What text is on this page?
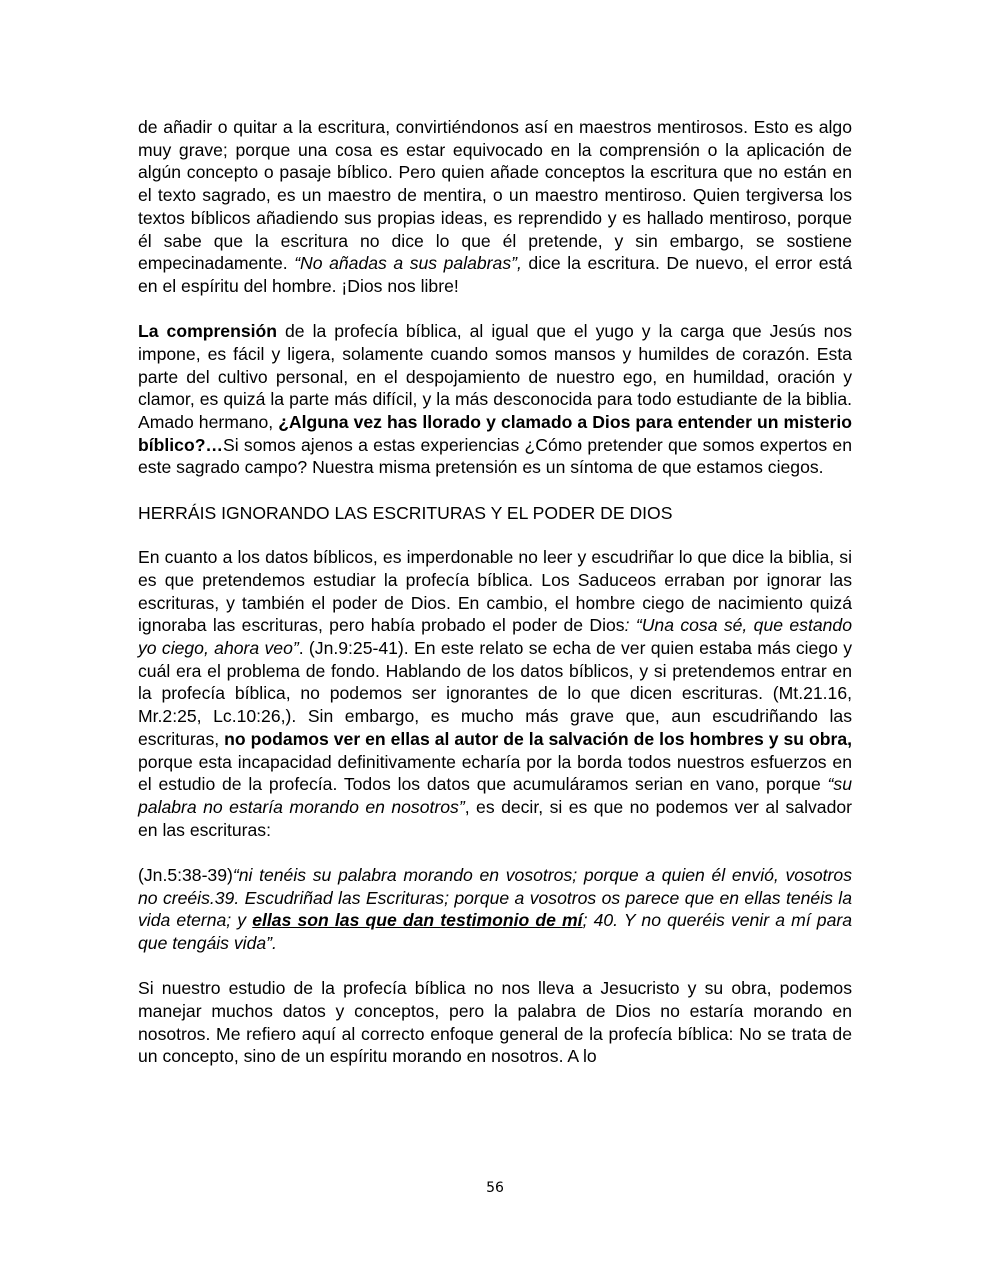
de añadir o quitar a la escritura, convirtiéndonos así en maestros mentirosos. Esto es algo muy grave; porque una cosa es estar equivocado en la comprensión o la aplicación de algún concepto o pasaje bíblico. Pero quien añade conceptos la escritura que no están en el texto sagrado, es un maestro de mentira, o un maestro mentiroso. Quien tergiversa los textos bíblicos añadiendo sus propias ideas, es reprendido y es hallado mentiroso, porque él sabe que la escritura no dice lo que él pretende, y sin embargo, se sostiene empecinadamente. “No añadas a sus palabras”, dice la escritura. De nuevo, el error está en el espíritu del hombre. ¡Dios nos libre!

La comprensión de la profecía bíblica, al igual que el yugo y la carga que Jesús nos impone, es fácil y ligera, solamente cuando somos mansos y humildes de corazón. Esta parte del cultivo personal, en el despojamiento de nuestro ego, en humildad, oración y clamor, es quizá la parte más difícil, y la más desconocida para todo estudiante de la biblia. Amado hermano, ¿Alguna vez has llorado y clamado a Dios para entender un misterio bíblico?…Si somos ajenos a estas experiencias ¿Cómo pretender que somos expertos en este sagrado campo? Nuestra misma pretensión es un síntoma de que estamos ciegos.

HERRÁIS IGNORANDO LAS ESCRITURAS Y EL PODER DE DIOS

En cuanto a los datos bíblicos, es imperdonable no leer y escudriñar lo que dice la biblia, si es que pretendemos estudiar la profecía bíblica. Los Saduceos erraban por ignorar las escrituras, y también el poder de Dios. En cambio, el hombre ciego de nacimiento quizá ignoraba las escrituras, pero había probado el poder de Dios: “Una cosa sé, que estando yo ciego, ahora veo”. (Jn.9:25-41). En este relato se echa de ver quien estaba más ciego y cuál era el problema de fondo. Hablando de los datos bíblicos, y si pretendemos entrar en la profecía bíblica, no podemos ser ignorantes de lo que dicen escrituras. (Mt.21.16, Mr.2:25, Lc.10:26,). Sin embargo, es mucho más grave que, aun escudriñando las escrituras, no podamos ver en ellas al autor de la salvación de los hombres y su obra, porque esta incapacidad definitivamente echaría por la borda todos nuestros esfuerzos en el estudio de la profecía. Todos los datos que acumuláramos serian en vano, porque “su palabra no estaría morando en nosotros”, es decir, si es que no podemos ver al salvador en las escrituras:

(Jn.5:38-39)“ni tenéis su palabra morando en vosotros; porque a quien él envió, vosotros no creéis.39. Escudriñad las Escrituras; porque a vosotros os parece que en ellas tenéis la vida eterna; y ellas son las que dan testimonio de mí; 40. Y no queréis venir a mí para que tengáis vida”.

Si nuestro estudio de la profecía bíblica no nos lleva a Jesucristo y su obra, podemos manejar muchos datos y conceptos, pero la palabra de Dios no estaría morando en nosotros. Me refiero aquí al correcto enfoque general de la profecía bíblica: No se trata de un concepto, sino de un espíritu morando en nosotros. A lo

56
